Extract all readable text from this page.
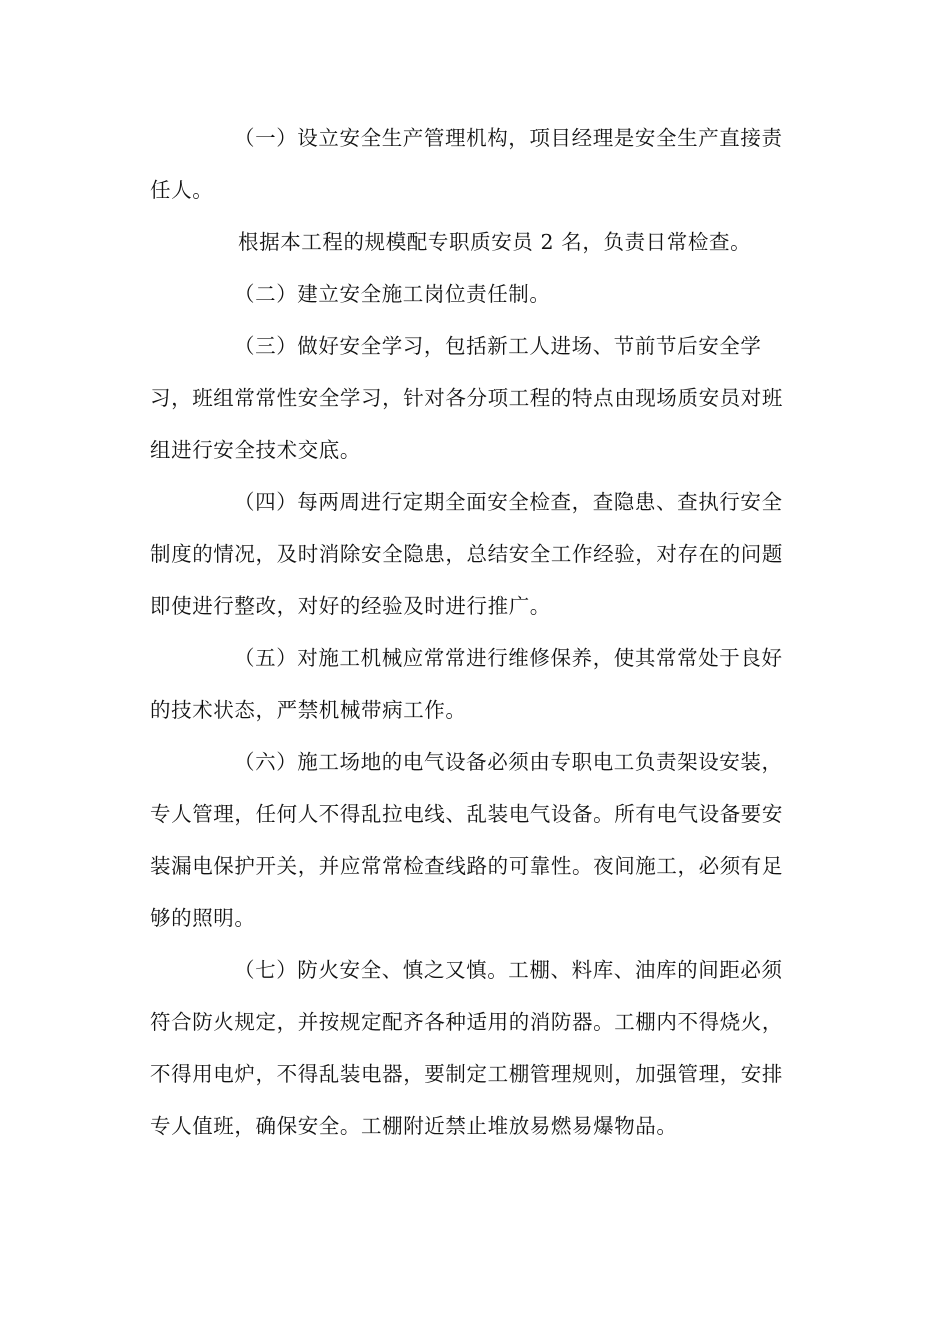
（一）设立安全生产管理机构，项目经理是安全生产直接责任人。

根据本工程的规模配专职质安员 2 名，负责日常检查。

（二）建立安全施工岗位责任制。

（三）做好安全学习，包括新工人进场、节前节后安全学习，班组常常性安全学习，针对各分项工程的特点由现场质安员对班组进行安全技术交底。

（四）每两周进行定期全面安全检查，查隐患、查执行安全制度的情况，及时消除安全隐患，总结安全工作经验，对存在的问题即使进行整改，对好的经验及时进行推广。

（五）对施工机械应常常进行维修保养，使其常常处于良好的技术状态，严禁机械带病工作。

（六）施工场地的电气设备必须由专职电工负责架设安装，专人管理，任何人不得乱拉电线、乱装电气设备。所有电气设备要安装漏电保护开关，并应常常检查线路的可靠性。夜间施工，必须有足够的照明。

（七）防火安全、慎之又慎。工棚、料库、油库的间距必须符合防火规定，并按规定配齐各种适用的消防器。工棚内不得烧火，不得用电炉，不得乱装电器，要制定工棚管理规则，加强管理，安排专人值班，确保安全。工棚附近禁止堆放易燃易爆物品。
